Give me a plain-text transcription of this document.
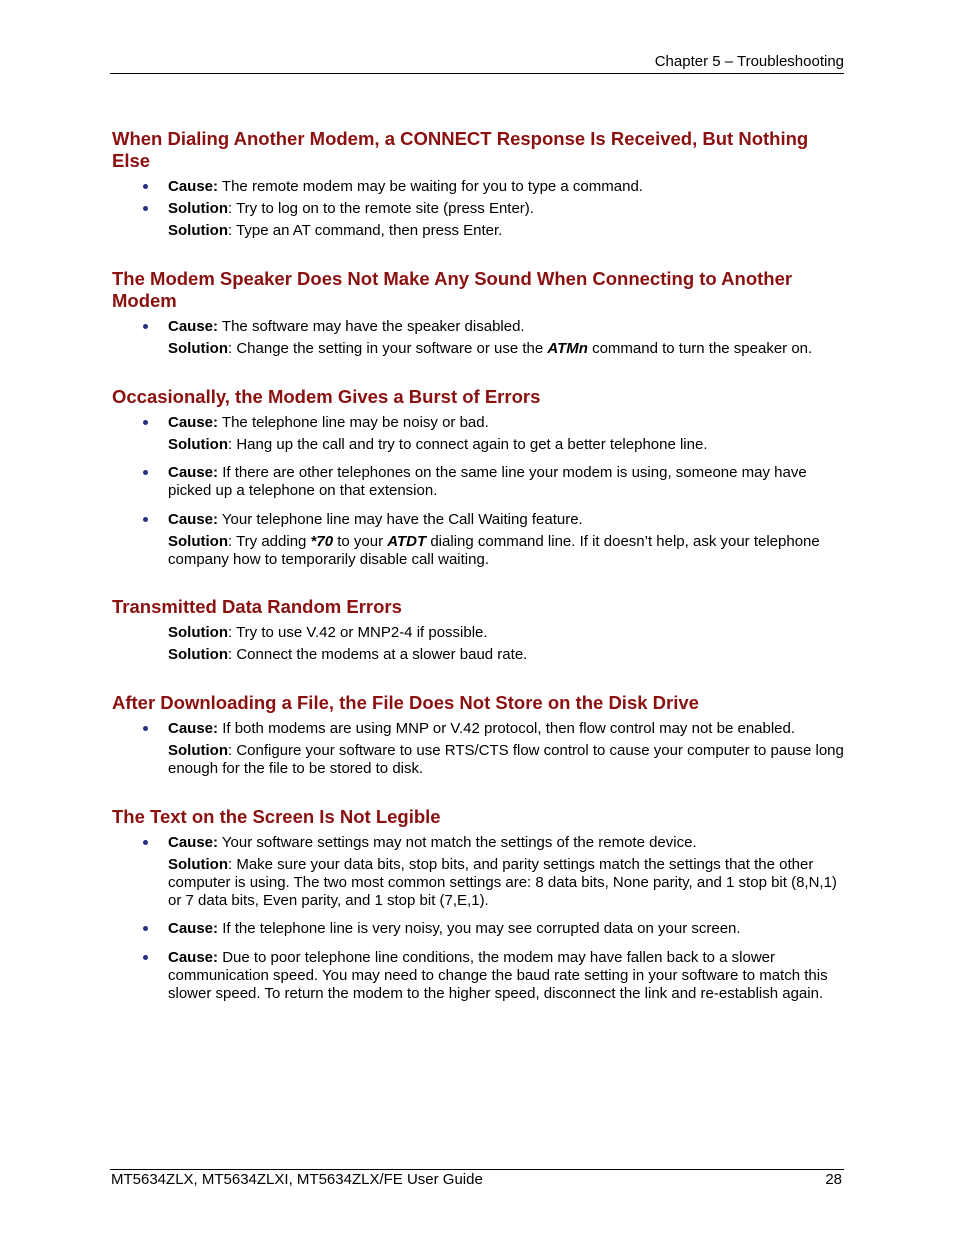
Chapter 5 – Troubleshooting
When Dialing Another Modem, a CONNECT Response Is Received, But Nothing Else
Cause: The remote modem may be waiting for you to type a command.
Solution: Try to log on to the remote site (press Enter).
Solution: Type an AT command, then press Enter.
The Modem Speaker Does Not Make Any Sound When Connecting to Another Modem
Cause: The software may have the speaker disabled.
Solution: Change the setting in your software or use the ATMn command to turn the speaker on.
Occasionally, the Modem Gives a Burst of Errors
Cause: The telephone line may be noisy or bad.
Solution: Hang up the call and try to connect again to get a better telephone line.
Cause: If there are other telephones on the same line your modem is using, someone may have picked up a telephone on that extension.
Cause: Your telephone line may have the Call Waiting feature.
Solution: Try adding *70 to your ATDT dialing command line. If it doesn’t help, ask your telephone company how to temporarily disable call waiting.
Transmitted Data Random Errors
Solution: Try to use V.42 or MNP2-4 if possible.
Solution: Connect the modems at a slower baud rate.
After Downloading a File, the File Does Not Store on the Disk Drive
Cause: If both modems are using MNP or V.42 protocol, then flow control may not be enabled.
Solution: Configure your software to use RTS/CTS flow control to cause your computer to pause long enough for the file to be stored to disk.
The Text on the Screen Is Not Legible
Cause: Your software settings may not match the settings of the remote device.
Solution: Make sure your data bits, stop bits, and parity settings match the settings that the other computer is using. The two most common settings are: 8 data bits, None parity, and 1 stop bit (8,N,1) or 7 data bits, Even parity, and 1 stop bit (7,E,1).
Cause: If the telephone line is very noisy, you may see corrupted data on your screen.
Cause: Due to poor telephone line conditions, the modem may have fallen back to a slower communication speed. You may need to change the baud rate setting in your software to match this slower speed. To return the modem to the higher speed, disconnect the link and re-establish again.
MT5634ZLX, MT5634ZLXI, MT5634ZLX/FE User Guide	28
